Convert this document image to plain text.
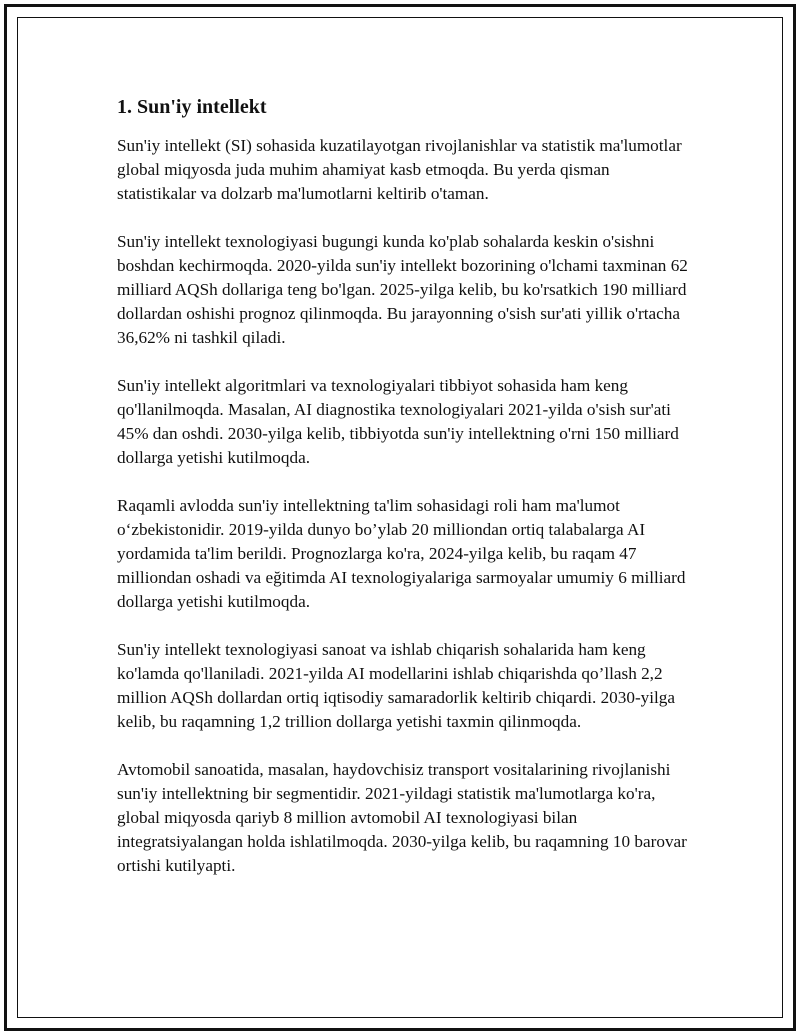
1. Sun'iy intellekt

Sun'iy intellekt (SI) sohasida kuzatilayotgan rivojlanishlar va statistik ma'lumotlar global miqyosda juda muhim ahamiyat kasb etmoqda. Bu yerda qisman statistikalar va dolzarb ma'lumotlarni keltirib o'taman.

Sun'iy intellekt texnologiyasi bugungi kunda ko'plab sohalarda keskin o'sishni boshdan kechirmoqda. 2020-yilda sun'iy intellekt bozorining o'lchami taxminan 62 milliard AQSh dollariga teng bo'lgan. 2025-yilga kelib, bu ko'rsatkich 190 milliard dollardan oshishi prognoz qilinmoqda. Bu jarayonning o'sish sur'ati yillik o'rtacha 36,62% ni tashkil qiladi.

Sun'iy intellekt algoritmlari va texnologiyalari tibbiyot sohasida ham keng qo'llanilmoqda. Masalan, AI diagnostika texnologiyalari 2021-yilda o'sish sur'ati 45% dan oshdi. 2030-yilga kelib, tibbiyotda sun'iy intellektning o'rni 150 milliard dollarga yetishi kutilmoqda.

Raqamli avlodda sun'iy intellektning ta'lim sohasidagi roli ham ma'lumot o‘zbekistonidir. 2019-yilda dunyo bo’ylab 20 milliondan ortiq talabalarga AI yordamida ta'lim berildi. Prognozlarga ko'ra, 2024-yilga kelib, bu raqam 47 milliondan oshadi va eğitimda AI texnologiyalariga sarmoyalar umumiy 6 milliard dollarga yetishi kutilmoqda.

Sun'iy intellekt texnologiyasi sanoat va ishlab chiqarish sohalarida ham keng ko'lamda qo'llaniladi. 2021-yilda AI modellarini ishlab chiqarishda qo’llash 2,2 million AQSh dollardan ortiq iqtisodiy samaradorlik keltirib chiqardi. 2030-yilga kelib, bu raqamning 1,2 trillion dollarga yetishi taxmin qilinmoqda.

Avtomobil sanoatida, masalan, haydovchisiz transport vositalarining rivojlanishi sun'iy intellektning bir segmentidir. 2021-yildagi statistik ma'lumotlarga ko'ra, global miqyosda qariyb 8 million avtomobil AI texnologiyasi bilan integratsiyalangan holda ishlatilmoqda. 2030-yilga kelib, bu raqamning 10 barovar ortishi kutilyapti.
